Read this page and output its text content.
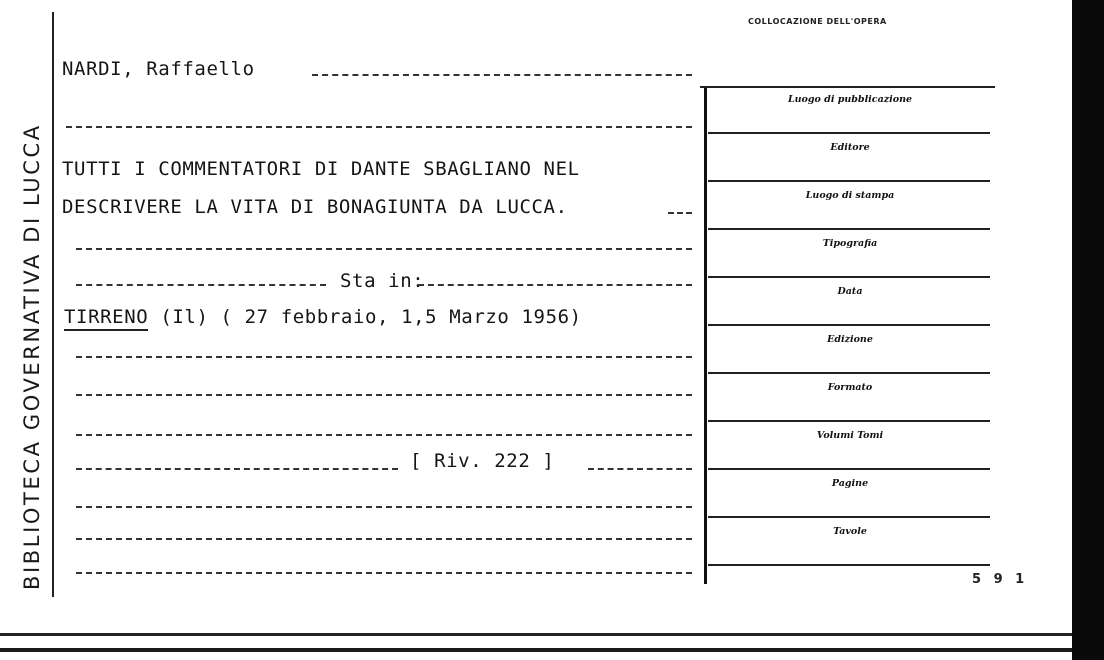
BIBLIOTECA GOVERNATIVA DI LUCCA
COLLOCAZIONE DELL'OPERA
NARDI, Raffaello
TUTTI I COMMENTATORI DI DANTE SBAGLIANO NEL
DESCRIVERE LA VITA DI BONAGIUNTA DA LUCCA.
Sta in:
TIRRENO (Il) ( 27 febbraio, 1,5 Marzo 1956)
[ Riv. 222 ]
Luogo di pubblicazione
Editore
Luogo di stampa
Tipografia
Data
Edizione
Formato
Volumi Tomi
Pagine
Tavole
5 9 1
